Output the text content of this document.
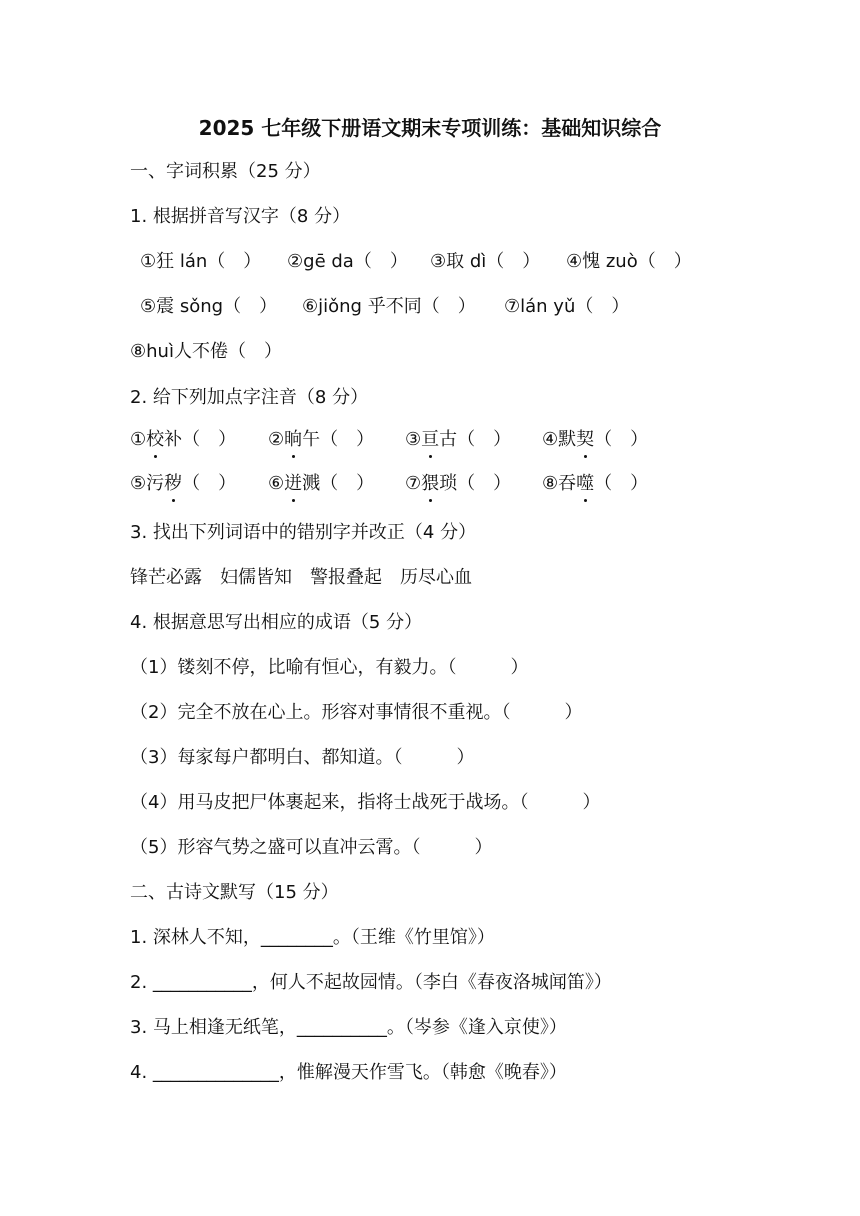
2025 七年级下册语文期末专项训练：基础知识综合
一、字词积累（25 分）
1. 根据拼音写汉字（8 分）
①狂 lán（　） ②gē da（　） ③取 dì（　） ④愧 zuò（　）
⑤震 sǒng（　） ⑥jiǒng 乎不同（　） ⑦lán yǔ（　）
⑧huì人不倦（　）
2. 给下列加点字注音（8 分）
①校补（　） ②晌午（　） ③亘古（　） ④默契（　）
⑤污秽（　） ⑥迸溅（　） ⑦猥琐（　） ⑧吞噬（　）
3. 找出下列词语中的错别字并改正（4 分）
锋芒必露　妇儒皆知　警报叠起　历尽心血
4. 根据意思写出相应的成语（5 分）
（1）镂刻不停，比喻有恒心，有毅力。（　　　）
（2）完全不放在心上。形容对事情很不重视。（　　　）
（3）每家每户都明白、都知道。（　　　）
（4）用马皮把尸体裹起来，指将士战死于战场。（　　　）
（5）形容气势之盛可以直冲云霄。（　　　）
二、古诗文默写（15 分）
1. 深林人不知，________。（王维《竹里馆》）
2. ___________，何人不起故园情。（李白《春夜洛城闻笛》）
3. 马上相逢无纸笔，__________。（岑参《逢入京使》）
4. ______________，惟解漫天作雪飞。（韩愈《晚春》）
